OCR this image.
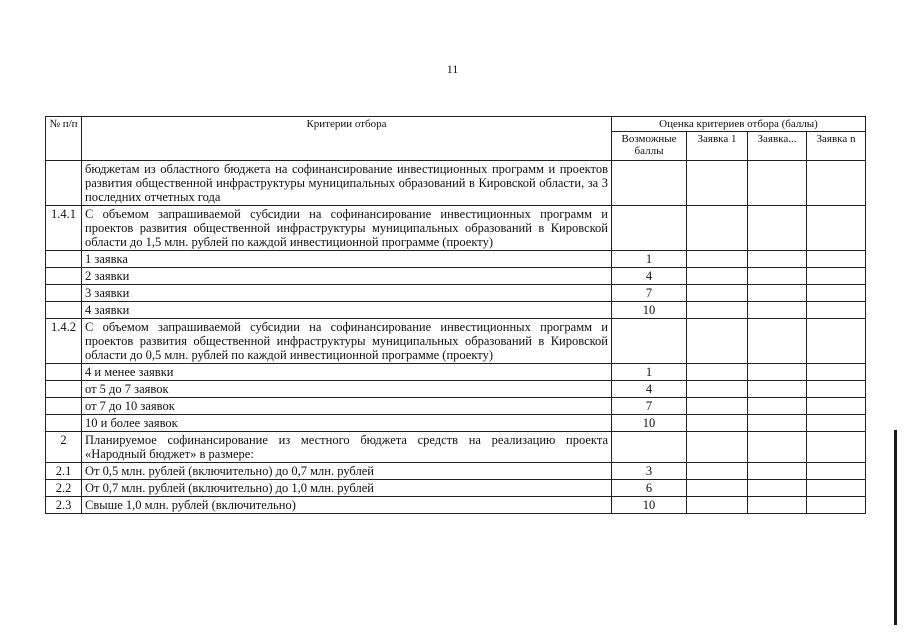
11
№ п/п	Критерии отбора	Оценка критериев отбора (баллы)			
		Возможные баллы	Заявка 1	Заявка...	Заявка n
	бюджетам из областного бюджета на софинансирование инвестиционных программ и проектов развития общественной инфраструктуры муниципальных образований в Кировской области, за 3 последних отчетных года				
1.4.1	С объемом запрашиваемой субсидии на софинансирование инвестиционных программ и проектов развития общественной инфраструктуры муниципальных образований в Кировской области до 1,5 млн. рублей по каждой инвестиционной программе (проекту)				
	1 заявка	1			
	2 заявки	4			
	3 заявки	7			
	4 заявки	10			
1.4.2	С объемом запрашиваемой субсидии на софинансирование инвестиционных программ и проектов развития общественной инфраструктуры муниципальных образований в Кировской области до 0,5 млн. рублей по каждой инвестиционной программе (проекту)				
	4 и менее заявки	1			
	от 5 до 7 заявок	4			
	от 7 до 10 заявок	7			
	10 и более заявок	10			
2	Планируемое софинансирование из местного бюджета средств на реализацию проекта «Народный бюджет» в размере:				
2.1	От 0,5 млн. рублей (включительно) до 0,7 млн. рублей	3			
2.2	От 0,7 млн. рублей (включительно) до 1,0 млн. рублей	6			
2.3	Свыше 1,0 млн. рублей (включительно)	10			
